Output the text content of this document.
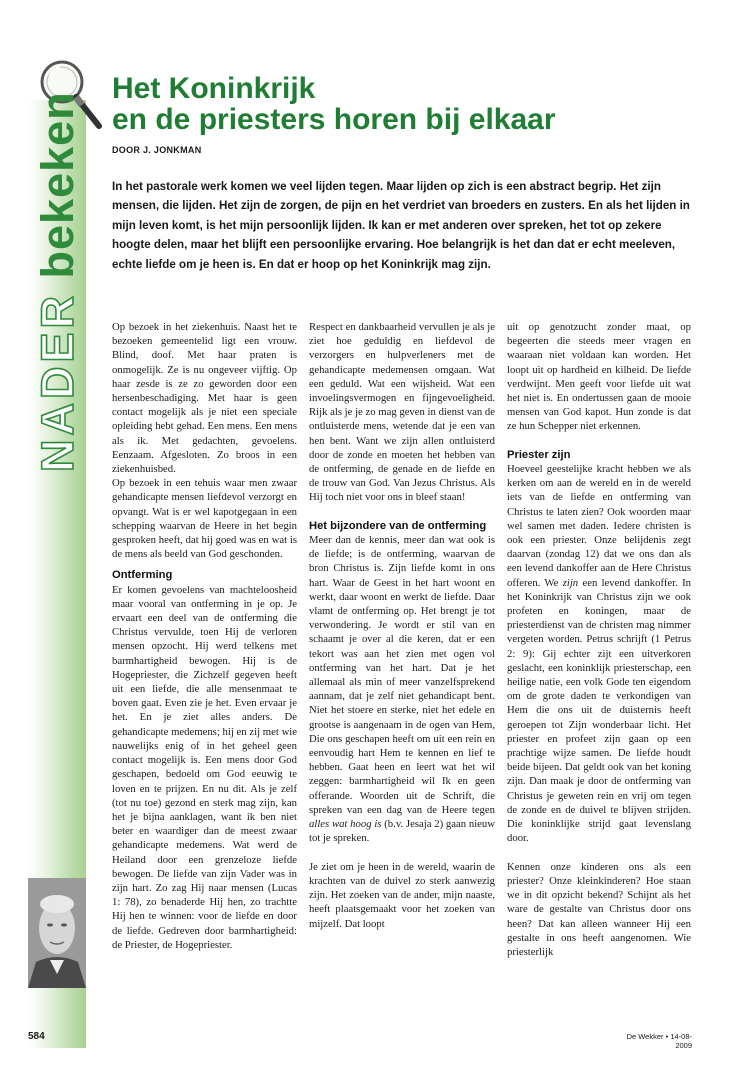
NADER bekeken
Het Koninkrijk
en de priesters horen bij elkaar
DOOR J. JONKMAN

In het pastorale werk komen we veel lijden tegen. Maar lijden op zich is een abstract begrip. Het zijn mensen, die lijden. Het zijn de zorgen, de pijn en het verdriet van broeders en zusters. En als het lijden in mijn leven komt, is het mijn persoonlijk lijden. Ik kan er met anderen over spreken, het tot op zekere hoogte delen, maar het blijft een persoonlijke ervaring. Hoe belangrijk is het dan dat er echt meeleven, echte liefde om je heen is. En dat er hoop op het Koninkrijk mag zijn.

Op bezoek in het ziekenhuis. Naast het te bezoeken gemeentelid ligt een vrouw. Blind, doof. Met haar praten is onmogelijk. Ze is nu ongeveer vijftig. Op haar zesde is ze zo geworden door een hersenbeschadiging. Met haar is geen contact mogelijk als je niet een speciale opleiding hebt gehad. Een mens. Een mens als ik. Met gedachten, gevoelens. Eenzaam. Afgesloten. Zo broos in een ziekenhuisbed.

Op bezoek in een tehuis waar men zwaar gehandicapte mensen liefdevol verzorgt en opvangt. Wat is er wel kapotgegaan in een schepping waarvan de Heere in het begin gesproken heeft, dat hij goed was en wat is de mens als beeld van God geschonden.

Ontferming

Er komen gevoelens van machteloosheid maar vooral van ontferming in je op. Je ervaart een deel van de ontferming die Christus vervulde, toen Hij de verloren mensen opzocht. Hij werd telkens met barmhartigheid bewogen. Hij is de Hogepriester, die Zichzelf gegeven heeft uit een liefde, die alle mensenmaat te boven gaat. Even zie je het. Even ervaar je het. En je ziet alles anders. De gehandicapte medemens; hij en zij met wie nauwelijks enig of in het geheel geen contact mogelijk is. Een mens door God geschapen, bedoeld om God eeuwig te loven en te prijzen. En nu dit. Als je zelf (tot nu toe) gezond en sterk mag zijn, kan het je bijna aanklagen, want ik ben niet beter en waardiger dan de meest zwaar gehandicapte medemens. Wat werd de Heiland door een grenzeloze liefde bewogen. De liefde van zijn Vader was in zijn hart. Zo zag Hij naar mensen (Lucas 1: 78), zo benaderde Hij hen, zo trachtte Hij hen te winnen: voor de liefde en door de liefde. Gedreven door barmhartigheid: de Priester, de Hogepriester.

Respect en dankbaarheid vervullen je als je ziet hoe geduldig en liefdevol de verzorgers en hulpverleners met de gehandicapte medemensen omgaan. Wat een geduld. Wat een wijsheid. Wat een invoelingsvermogen en fijngevoeligheid. Rijk als je je zo mag geven in dienst van de ontluisterde mens, wetende dat je een van hen bent. Want we zijn allen ontluisterd door de zonde en moeten het hebben van de ontferming, de genade en de liefde en de trouw van God. Van Jezus Christus. Als Hij toch niet voor ons in bleef staan!

Het bijzondere van de ontferming

Meer dan de kennis, meer dan wat ook is de liefde; is de ontferming, waarvan de bron Christus is. Zijn liefde komt in ons hart. Waar de Geest in het hart woont en werkt, daar woont en werkt de liefde. Daar vlamt de ontferming op. Het brengt je tot verwondering. Je wordt er stil van en schaamt je over al die keren, dat er een tekort was aan het zien met ogen vol ontferming van het hart. Dat je het allemaal als min of meer vanzelfsprekend aannam, dat je zelf niet gehandicapt bent. Niet het stoere en sterke, niet het edele en grootse is aangenaam in de ogen van Hem, Die ons geschapen heeft om uit een rein en eenvoudig hart Hem te kennen en lief te hebben. Gaat heen en leert wat het wil zeggen: barmhartigheid wil Ik en geen offerande. Woorden uit de Schrift, die spreken van een dag van de Heere tegen alles wat hoog is (b.v. Jesaja 2) gaan nieuw tot je spreken.

Je ziet om je heen in de wereld, waarin de krachten van de duivel zo sterk aanwezig zijn. Het zoeken van de ander, mijn naaste, heeft plaatsgemaakt voor het zoeken van mijzelf. Dat loopt

uit op genotzucht zonder maat, op begeerten die steeds meer vragen en waaraan niet voldaan kan worden. Het loopt uit op hardheid en kilheid. De liefde verdwijnt. Men geeft voor liefde uit wat het niet is. En ondertussen gaan de mooie mensen van God kapot. Hun zonde is dat ze hun Schepper niet erkennen.

Priester zijn

Hoeveel geestelijke kracht hebben we als kerken om aan de wereld en in de wereld iets van de liefde en ontferming van Christus te laten zien? Ook woorden maar wel samen met daden. Iedere christen is ook een priester. Onze belijdenis zegt daarvan (zondag 12) dat we ons dan als een levend dankoffer aan de Here Christus offeren. We zijn een levend dankoffer. In het Koninkrijk van Christus zijn we ook profeten en koningen, maar de priesterdienst van de christen mag nimmer vergeten worden. Petrus schrijft (1 Petrus 2: 9): Gij echter zijt een uitverkoren geslacht, een koninklijk priesterschap, een heilige natie, een volk Gode ten eigendom om de grote daden te verkondigen van Hem die ons uit de duisternis heeft geroepen tot Zijn wonderbaar licht. Het priester en profeet zijn gaan op een prachtige wijze samen. De liefde houdt beide bijeen. Dat geldt ook van het koning zijn. Dan maak je door de ontferming van Christus je geweten rein en vrij om tegen de zonde en de duivel te blijven strijden. Die koninklijke strijd gaat levenslang door.

Kennen onze kinderen ons als een priester? Onze kleinkinderen? Hoe staan we in dit opzicht bekend? Schijnt als het ware de gestalte van Christus door ons heen? Dat kan alleen wanneer Hij een gestalte in ons heeft aangenomen. Wie priesterlijk

584	De Wekker • 14-08-2009
